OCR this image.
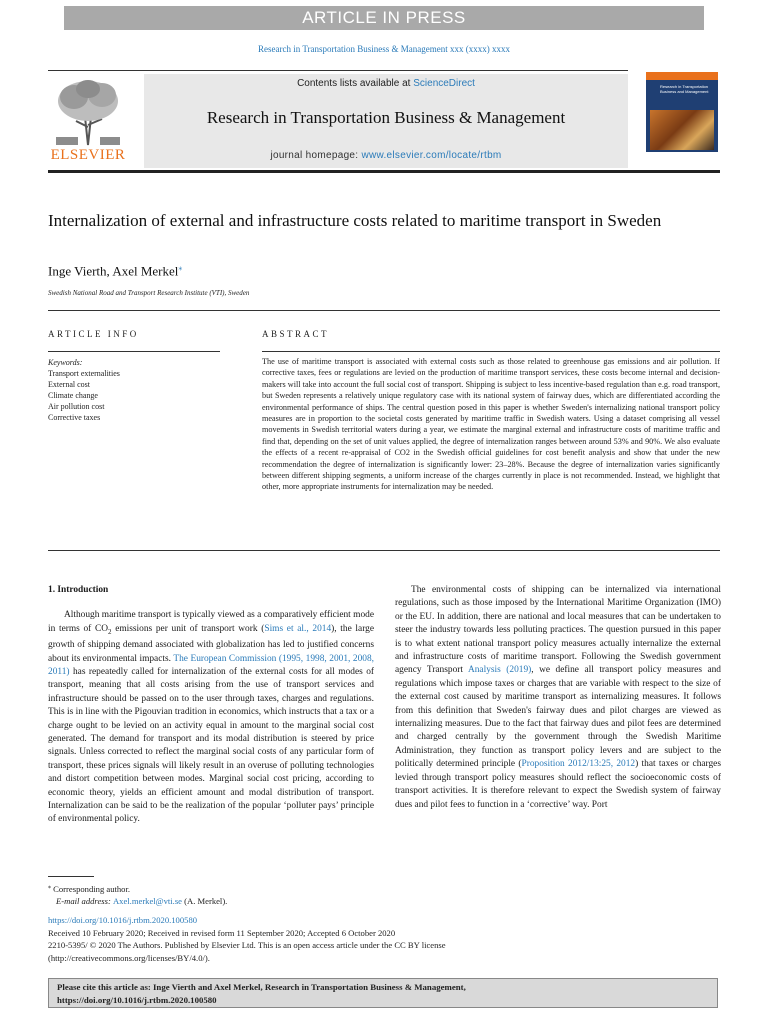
ARTICLE IN PRESS
Research in Transportation Business & Management xxx (xxxx) xxxx
ELSEVIER
Contents lists available at ScienceDirect
Research in Transportation Business & Management
journal homepage: www.elsevier.com/locate/rtbm
Research in Transportation Business and Management
Internalization of external and infrastructure costs related to maritime transport in Sweden
Inge Vierth, Axel Merkel⁎
Swedish National Road and Transport Research Institute (VTI), Sweden
ARTICLE INFO	ABSTRACT
Keywords:
Transport externalities
External cost
Climate change
Air pollution cost
Corrective taxes

The use of maritime transport is associated with external costs such as those related to greenhouse gas emissions and air pollution. If corrective taxes, fees or regulations are levied on the production of maritime transport services, these costs become internal and decision-makers will take into account the full social cost of transport. Shipping is subject to less incentive-based regulation than e.g. road transport, but Sweden represents a relatively unique regulatory case with its national system of fairway dues, which are differentiated according the environmental performance of ships. The central question posed in this paper is whether Sweden's internalizing national transport policy measures are in proportion to the societal costs generated by maritime traffic in Swedish waters. Using a dataset comprising all vessel movements in Swedish territorial waters during a year, we estimate the marginal external and infrastructure costs of maritime traffic and find that, depending on the set of unit values applied, the degree of internalization ranges between around 53% and 90%. We also evaluate the effects of a recent re-appraisal of CO2 in the Swedish official guidelines for cost benefit analysis and show that under the new recommendation the degree of internalization is significantly lower: 23–28%. Because the degree of internalization varies significantly between different shipping segments, a uniform increase of the charges currently in place is not recommended. Instead, we highlight that other, more appropriate instruments for internalization may be needed.

1. Introduction

Although maritime transport is typically viewed as a comparatively efficient mode in terms of $CO_2$ emissions per unit of transport work (Sims et al., 2014), the large growth of shipping demand associated with globalization has led to justified concerns about its environmental impacts. The European Commission (1995, 1998, 2001, 2008, 2011) has repeatedly called for internalization of the external costs for all modes of transport, meaning that all costs arising from the use of transport services and infrastructure should be passed on to the user through taxes, charges and regulations. This is in line with the Pigouvian tradition in economics, which instructs that a tax or a charge ought to be levied on an activity equal in amount to the marginal social cost generated. The demand for transport and its modal distribution is steered by price signals. Unless corrected to reflect the marginal social costs of any particular form of transport, these prices signals will likely result in an overuse of polluting technologies and distort competition between modes. Marginal social cost pricing, according to economic theory, yields an efficient amount and modal distribution of transport. Internalization can be said to be the realization of the popular ‘polluter pays’ principle of environmental policy.

The environmental costs of shipping can be internalized via international regulations, such as those imposed by the International Maritime Organization (IMO) or the EU. In addition, there are national and local measures that can be undertaken to steer the industry towards less polluting practices. The question pursued in this paper is to what extent national transport policy measures actually internalize the external and infrastructure costs of maritime transport. Following the Swedish government agency Transport Analysis (2019), we define all transport policy measures and regulations which impose taxes or charges that are variable with respect to the size of the external cost caused by maritime transport as internalizing measures. It follows from this definition that Sweden's fairway dues and pilot charges are viewed as internalizing measures. Due to the fact that fairway dues and pilot fees are determined and charged centrally by the government through the Swedish Maritime Administration, they function as transport policy levers and are subject to the politically determined principle (Proposition 2012/13:25, 2012) that taxes or charges levied through transport policy measures should reflect the socioeconomic costs of transport activities. It is therefore relevant to expect the Swedish system of fairway dues and pilot fees to function in a ‘corrective’ way. Port

⁎ Corresponding author.
E-mail address: Axel.merkel@vti.se (A. Merkel).
https://doi.org/10.1016/j.rtbm.2020.100580
Received 10 February 2020; Received in revised form 11 September 2020; Accepted 6 October 2020
2210-5395/ © 2020 The Authors. Published by Elsevier Ltd. This is an open access article under the CC BY license
(http://creativecommons.org/licenses/BY/4.0/).
Please cite this article as: Inge Vierth and Axel Merkel, Research in Transportation Business & Management,
https://doi.org/10.1016/j.rtbm.2020.100580
